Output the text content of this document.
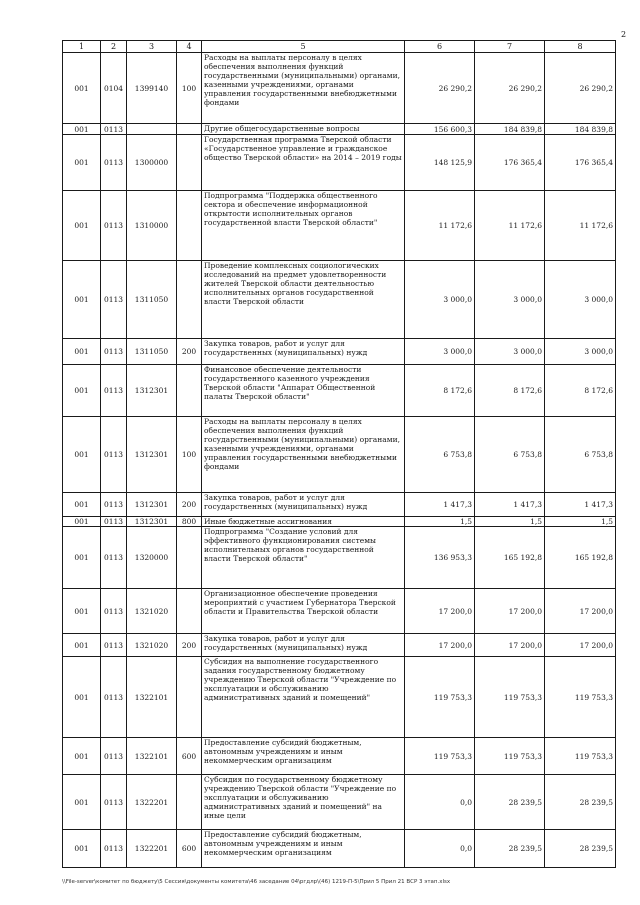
2
1	2	3	4	5	6	7	8
001	0104	1399140	100	Расходы на выплаты персоналу в целях обеспечения выполнения функций государственными (муниципальными) органами, казенными учреждениями, органами управления государственными внебюджетными фондами	26 290,2	26 290,2	26 290,2
001	0113			Другие общегосударственные вопросы	156 600,3	184 839,8	184 839,8
001	0113	1300000		Государственная программа Тверской области «Государственное управление и гражданское общество Тверской области» на 2014 – 2019 годы	148 125,9	176 365,4	176 365,4
001	0113	1310000		Подпрограмма "Поддержка общественного сектора и обеспечение информационной открытости исполнительных органов государственной власти Тверской области"	11 172,6	11 172,6	11 172,6
001	0113	1311050		Проведение комплексных социологических исследований на предмет удовлетворенности жителей Тверской области деятельностью исполнительных органов государственной власти Тверской области	3 000,0	3 000,0	3 000,0
001	0113	1311050	200	Закупка товаров, работ и услуг для государственных (муниципальных) нужд	3 000,0	3 000,0	3 000,0
001	0113	1312301		Финансовое обеспечение деятельности государственного казенного учреждения Тверской области "Аппарат Общественной палаты Тверской области"	8 172,6	8 172,6	8 172,6
001	0113	1312301	100	Расходы на выплаты персоналу в целях обеспечения выполнения функций государственными (муниципальными) органами, казенными учреждениями, органами управления государственными внебюджетными фондами	6 753,8	6 753,8	6 753,8
001	0113	1312301	200	Закупка товаров, работ и услуг для государственных (муниципальных) нужд	1 417,3	1 417,3	1 417,3
001	0113	1312301	800	Иные бюджетные ассигнования	1,5	1,5	1,5
001	0113	1320000		Подпрограмма "Создание условий для эффективного функционирования системы исполнительных органов государственной власти Тверской области"	136 953,3	165 192,8	165 192,8
001	0113	1321020		Организационное обеспечение проведения мероприятий с участием Губернатора Тверской области и Правительства Тверской области	17 200,0	17 200,0	17 200,0
001	0113	1321020	200	Закупка товаров, работ и услуг для государственных (муниципальных) нужд	17 200,0	17 200,0	17 200,0
001	0113	1322101		Субсидия на выполнение государственного задания государственному бюджетному учреждению Тверской области "Учреждение по эксплуатации и обслуживанию административных зданий и помещений"	119 753,3	119 753,3	119 753,3
001	0113	1322101	600	Предоставление субсидий бюджетным, автономным учреждениям и иным некоммерческим организациям	119 753,3	119 753,3	119 753,3
001	0113	1322201		Субсидия по государственному бюджетному учреждению Тверской области "Учреждение по эксплуатации и обслуживанию административных зданий и помещений" на иные цели	0,0	28 239,5	28 239,5
001	0113	1322201	600	Предоставление субсидий бюджетным, автономным учреждениям и иным некоммерческим организациям	0,0	28 239,5	28 239,5
\\File-server\комитет по бюджету\5 Сессия\документы комитета\46 заседание 04\ргдлр\(46) 1219-П-5\Прил 5 Прил 21 ВСР 3 этап.xlsx
